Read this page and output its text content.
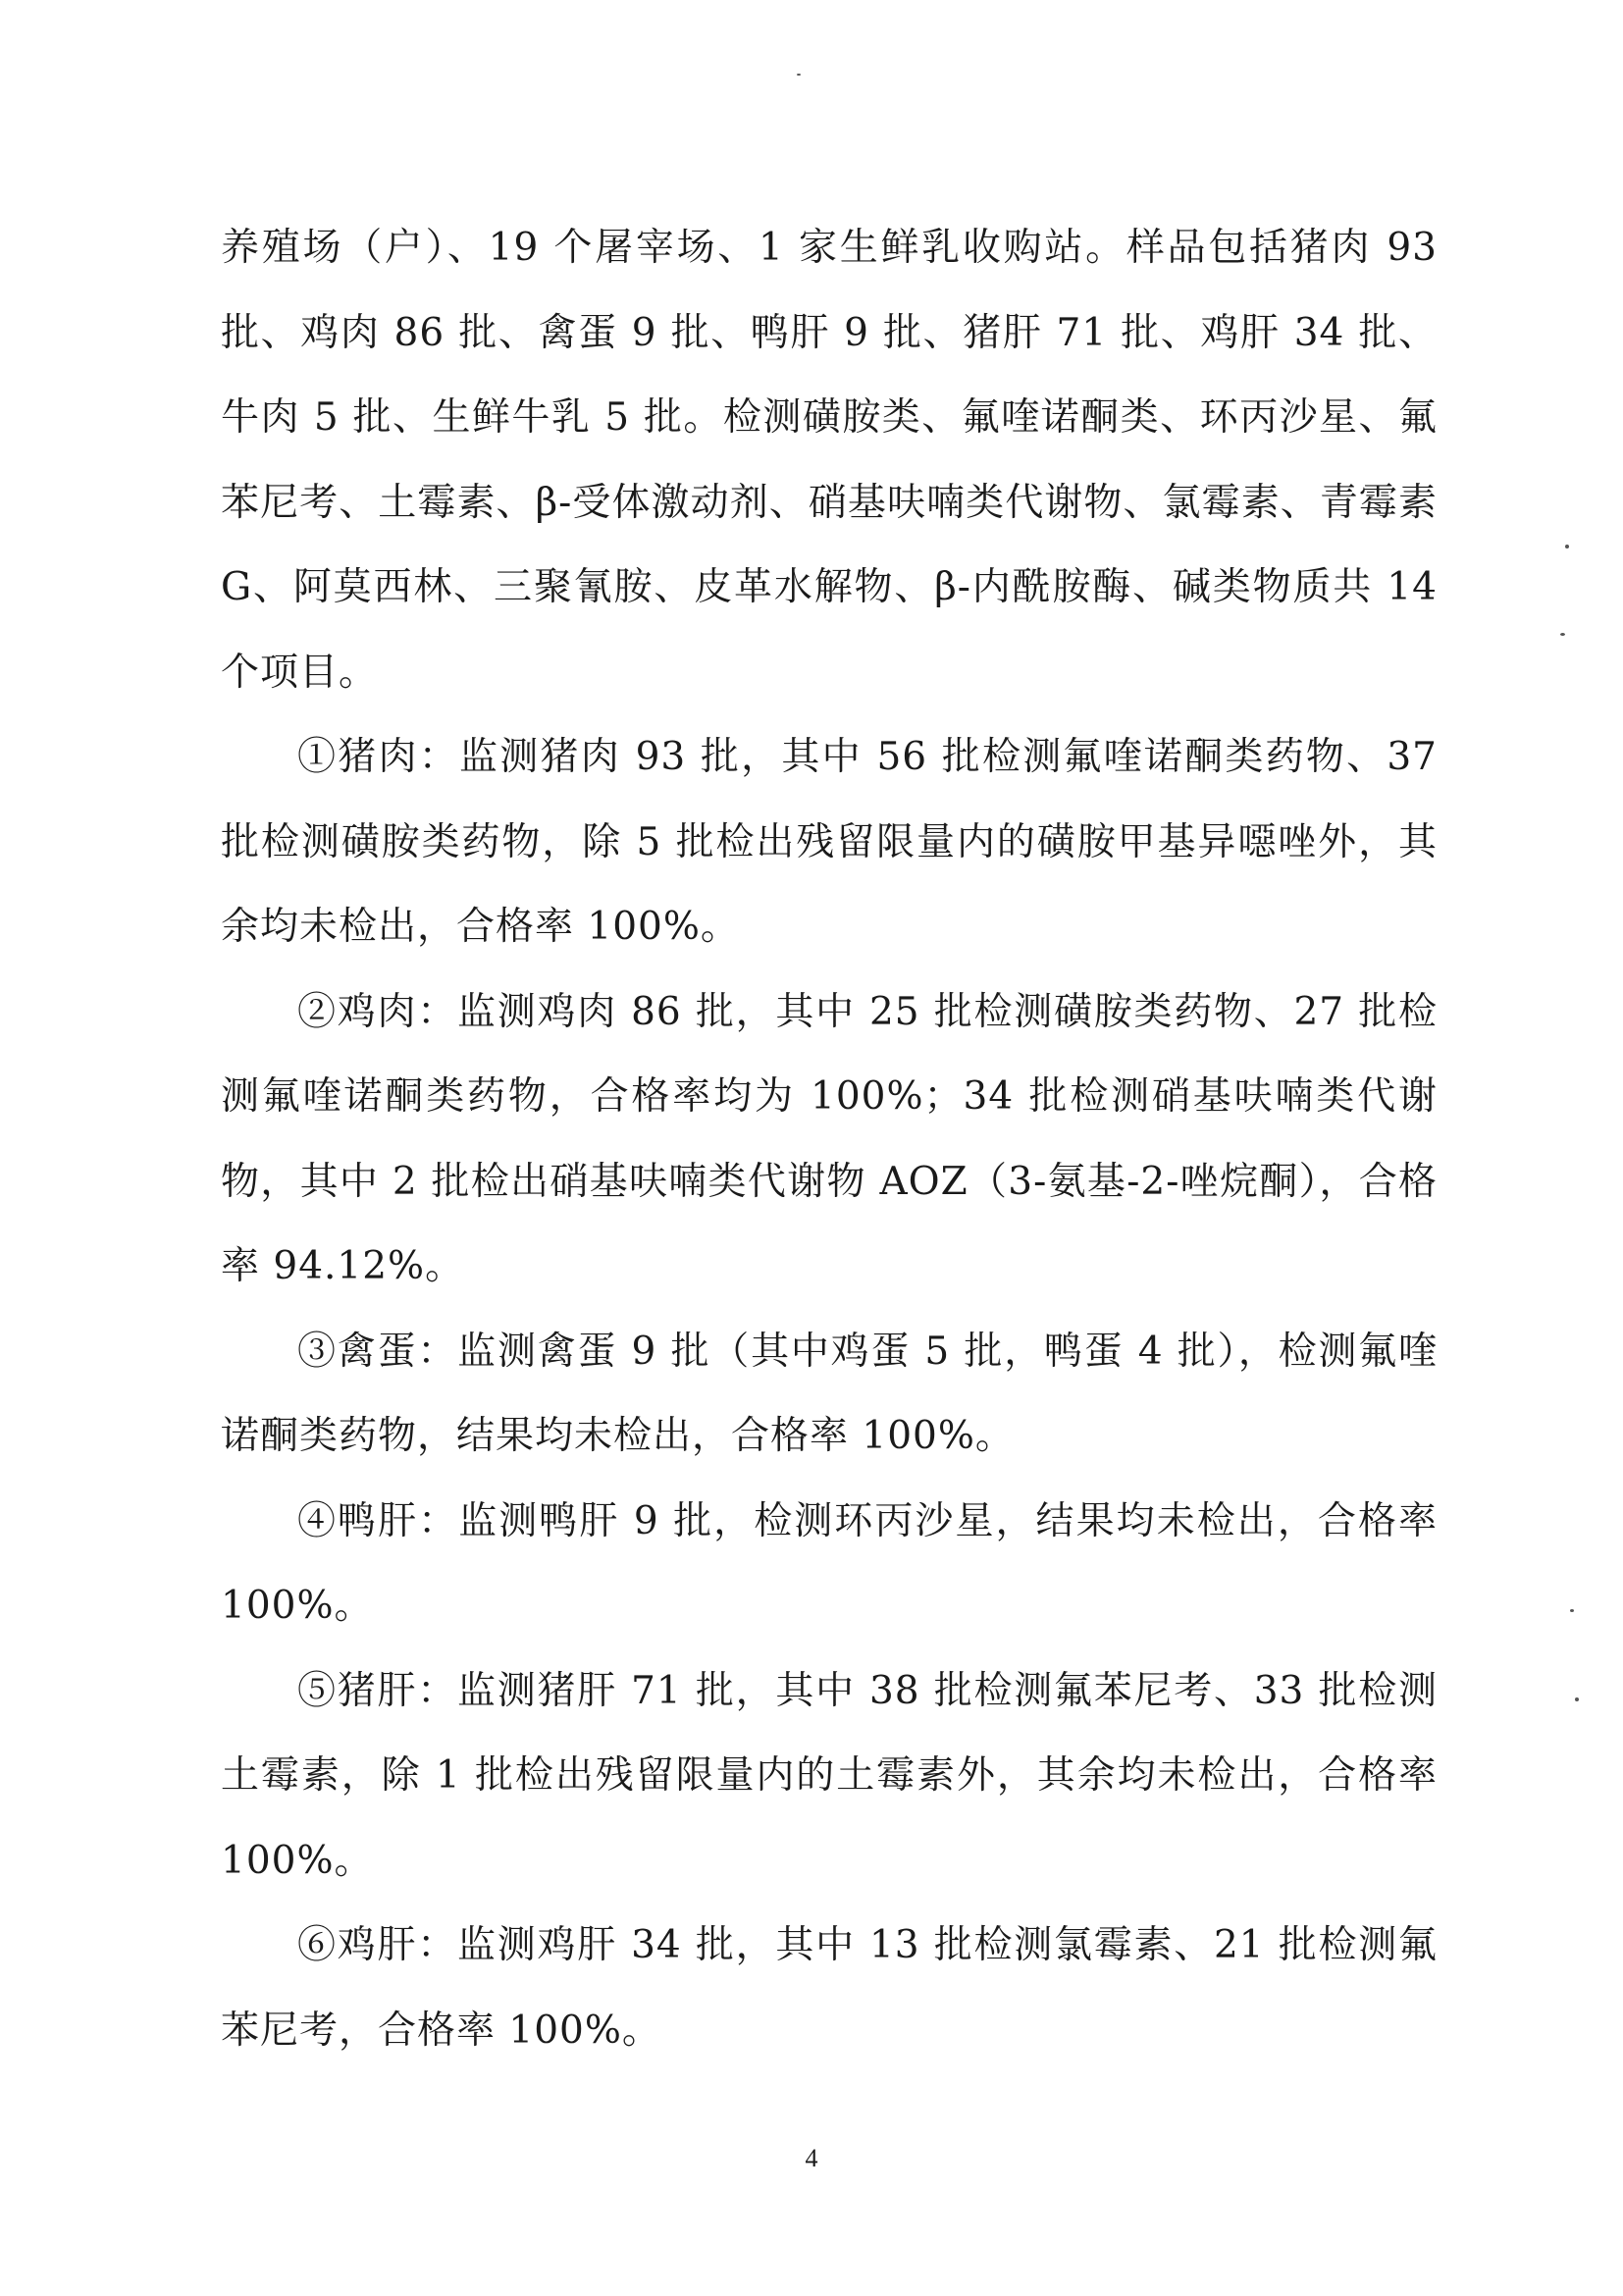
养殖场（户）、19 个屠宰场、1 家生鲜乳收购站。样品包括猪肉 93 批、鸡肉 86 批、禽蛋 9 批、鸭肝 9 批、猪肝 71 批、鸡肝 34 批、牛肉 5 批、生鲜牛乳 5 批。检测磺胺类、氟喹诺酮类、环丙沙星、氟苯尼考、土霉素、β-受体激动剂、硝基呋喃类代谢物、氯霉素、青霉素 G、阿莫西林、三聚氰胺、皮革水解物、β-内酰胺酶、碱类物质共 14 个项目。

①猪肉：监测猪肉 93 批，其中 56 批检测氟喹诺酮类药物、37 批检测磺胺类药物，除 5 批检出残留限量内的磺胺甲基异噁唑外，其余均未检出，合格率 100%。

②鸡肉：监测鸡肉 86 批，其中 25 批检测磺胺类药物、27 批检测氟喹诺酮类药物，合格率均为 100%；34 批检测硝基呋喃类代谢物，其中 2 批检出硝基呋喃类代谢物 AOZ（3-氨基-2-唑烷酮），合格率 94.12%。

③禽蛋：监测禽蛋 9 批（其中鸡蛋 5 批，鸭蛋 4 批），检测氟喹诺酮类药物，结果均未检出，合格率 100%。

④鸭肝：监测鸭肝 9 批，检测环丙沙星，结果均未检出，合格率 100%。

⑤猪肝：监测猪肝 71 批，其中 38 批检测氟苯尼考、33 批检测土霉素，除 1 批检出残留限量内的土霉素外，其余均未检出，合格率 100%。

⑥鸡肝：监测鸡肝 34 批，其中 13 批检测氯霉素、21 批检测氟苯尼考，合格率 100%。

4
